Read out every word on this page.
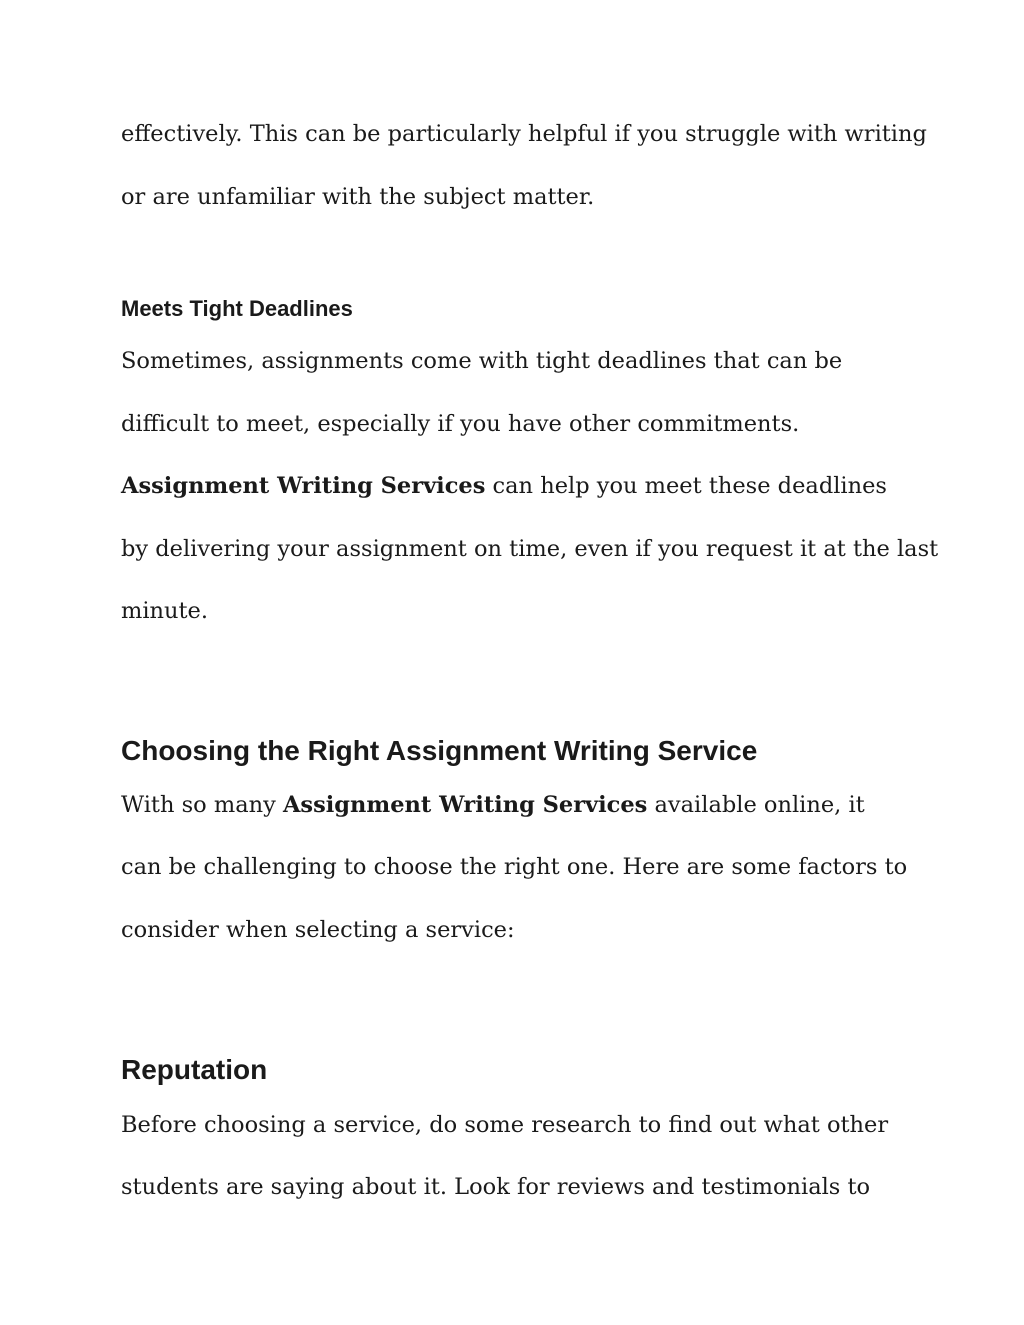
effectively. This can be particularly helpful if you struggle with writing

or are unfamiliar with the subject matter.

Meets Tight Deadlines

Sometimes, assignments come with tight deadlines that can be

difficult to meet, especially if you have other commitments.

Assignment Writing Services can help you meet these deadlines

by delivering your assignment on time, even if you request it at the last

minute.

Choosing the Right Assignment Writing Service

With so many Assignment Writing Services available online, it

can be challenging to choose the right one. Here are some factors to

consider when selecting a service:

Reputation

Before choosing a service, do some research to find out what other

students are saying about it. Look for reviews and testimonials to
